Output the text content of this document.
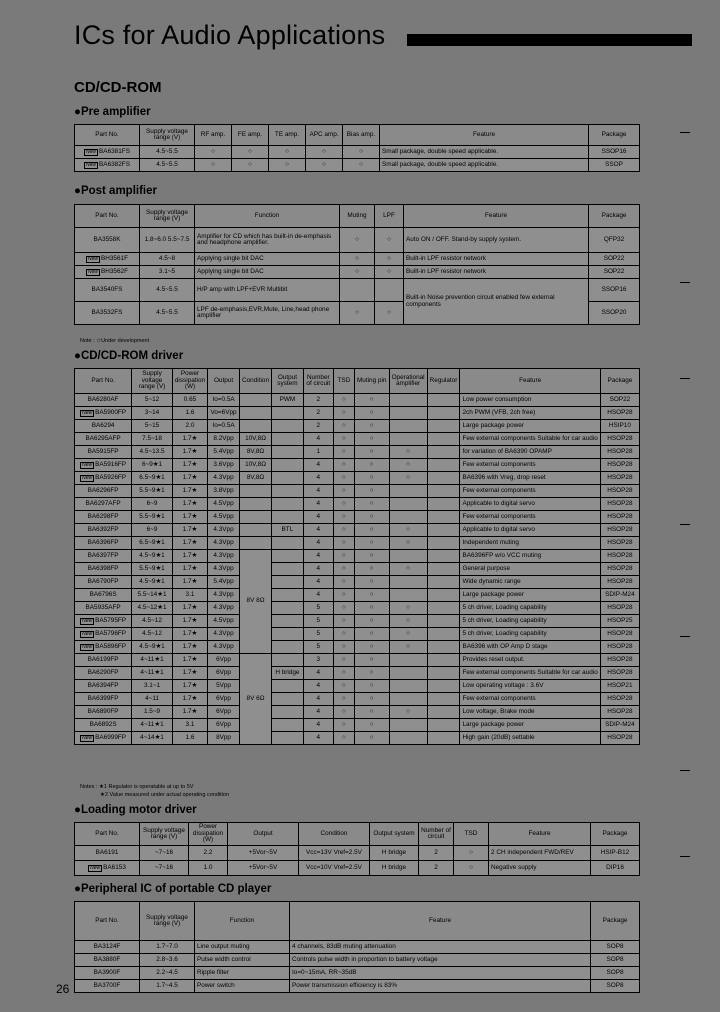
ICs for Audio Applications
CD/CD-ROM
●Pre amplifier
Part No.	Supply voltage range (V)	RF amp.	FE amp.	TE amp.	APC amp.	Bias amp.	Feature	Package
New BA6381FS	4.5~5.5	○	○	○	○	○	Small package, double speed applicable.	SSOP16
New BA6382FS	4.5~5.5	○	○	○	○	○	Small package, double speed applicable.	SSOP
●Post amplifier
Part No.	Supply voltage range (V)	Function	Muting	LPF	Feature	Package
BA3558K	1.8~6.0 5.5~7.5	Amplifier for CD which has built-in de-emphasis and headphone amplifier.	○	○	Auto ON / OFF. Stand-by supply system.	QFP32
New BH3561F	4.5~8	Applying single bit DAC	○	○	Built-in LPF resistor network	SOP22
New BH3562F	3.1~5	Applying single bit DAC	○	○	Built-in LPF resistor network	SOP22
BA3540FS	4.5~5.5	H/P amp with LPF+EVR Multibit			Built-in Noise prevention circuit enabled few external components	SSOP16
BA3532FS	4.5~5.5	LPF de-emphasis,EVR,Mute, Line,head phone amplifier	○	○		SSOP20
Note : ☆Under development
●CD/CD-ROM driver
Part No.	Supply voltage range (V)	Power dissipation (W)	Output	Condition	Output system	Number of circuit	TSD	Muting pin	Operational amplifier	Regulator	Feature	Package
BA6280AF	5~12	0.65	Io=0.5A		PWM	2	○	○			Low power consumption	SOP22
New BA5900FP	3~14	1.6	Vo=6Vpp			2	○	○			2ch PWM (VFB, 2ch free)	HSOP28
BA6294	5~15	2.0	Io=0.5A			2	○	○			Large package power	HSIP10
BA6295AFP	7.5~18	1.7★	8.2Vpp	10V,8Ω		4	○	○			Few external components Suitable for car audio	HSOP28
BA5915FP	4.5~13.5	1.7★	5.4Vpp	8V,8Ω		1	○	○	○		for variation of BA6390 OPAMP	HSOP28
New BA5916FP	6~9★1	1.7★	3.6Vpp	10V,8Ω		4	○	○	○		Few external components	HSOP28
New BA5926FP	6.5~9★1	1.7★	4.3Vpp	8V,8Ω		4	○	○	○		BA6396 with Vreg, drop reset	HSOP28
BA6296FP	5.5~9★1	1.7★	3.8Vpp			4	○	○			Few external components	HSOP28
BA6297AFP	6~9	1.7★	4.5Vpp			4	○	○			Applicable to digital servo	HSOP28
BA6298FP	5.5~9★1	1.7★	4.5Vpp			4	○	○			Few external components	HSOP28
BA6392FP	6~9	1.7★	4.3Vpp		BTL	4	○	○	○		Applicable to digital servo	HSOP28
BA6396FP	6.5~9★1	1.7★	4.3Vpp			4	○	○	○		Independent muting	HSOP28
BA6397FP	4.5~9★1	1.7★	4.3Vpp	8V 8Ω		4	○	○			BA6396FP w/o VCC muting	HSOP28
BA6398FP	5.5~9★1	1.7★	4.3Vpp			4	○	○	○		General purpose	HSOP28
BA6790FP	4.5~9★1	1.7★	5.4Vpp			4	○	○			Wide dynamic range	HSOP28
BA6796S	5.5~14★1	3.1	4.3Vpp			4	○	○			Large package power	SDIP-M24
BA5935AFP	4.5~12★1	1.7★	4.3Vpp			5	○	○	○		5 ch driver, Loading capability	HSOP28
New BA5795FP	4.5~12	1.7★	4.5Vpp			5	○	○	○		5 ch driver, Loading capability	HSOP25
New BA5796FP	4.5~12	1.7★	4.3Vpp			5	○	○	○		5 ch driver, Loading capability	HSOP28
New BA5896FP	4.5~9★1	1.7★	4.3Vpp			5	○	○	○		BA6396 with OP Amp D stage	HSOP28
BA6199FP	4~11★1	1.7★	6Vpp	8V 6Ω		3	○	○			Provides reset output.	HSOP28
BA6290FP	4~11★1	1.7★	6Vpp		H bridge	4	○	○			Few external components Suitable for car audio	HSOP28
BA6394FP	3.1~1	1.7★	5Vpp			4	○	○			Low operating voltage : 3.6V	HSOP21
BA6399FP	4~11	1.7★	6Vpp			4	○	○			Few external components	HSOP28
BA6890FP	1.5~9	1.7★	6Vpp			4	○	○	○		Low voltage, Brake mode	HSOP28
BA6892S	4~11★1	3.1	6Vpp			4	○	○			Large package power	SDIP-M24
New BA6999FP	4~14★1	1.6	8Vpp			4	○	○			High gain (20dB) settable	HSOP28
Notes : ★1 Regulator is operatable at up to 5V
★2 Value measured under actual operating condition
●Loading motor driver
Part No.	Supply voltage range (V)	Power dissipation (W)	Output	Condition	Output system	Number of circuit	TSD	Feature	Package
BA6191	~7~16	2.2	+5Vor~5V	Vcc=13V Vref=2.5V	H bridge	2	○	2 CH independent FWD/REV	HSIP-B12
New BA6153	~7~16	1.0	+5Vor~5V	Vcc=10V Vref=2.5V	H bridge	2	○	Negative supply	DIP16
●Peripheral IC of portable CD player
Part No.	Supply voltage range (V)	Function	Feature	Package
BA3124F	1.7~7.0	Line output muting	4 channels, 83dB muting attenuation	SOP8
BA3880F	2.8~3.6	Pulse width control	Controls pulse width in proportion to battery voltage	SOP8
BA3900F	2.2~4.5	Ripple filter	Io=0~15mA, RR~35dB	SOP8
BA3700F	1.7~4.5	Power switch	Power transmission efficiency is 83%	SOP8
26
